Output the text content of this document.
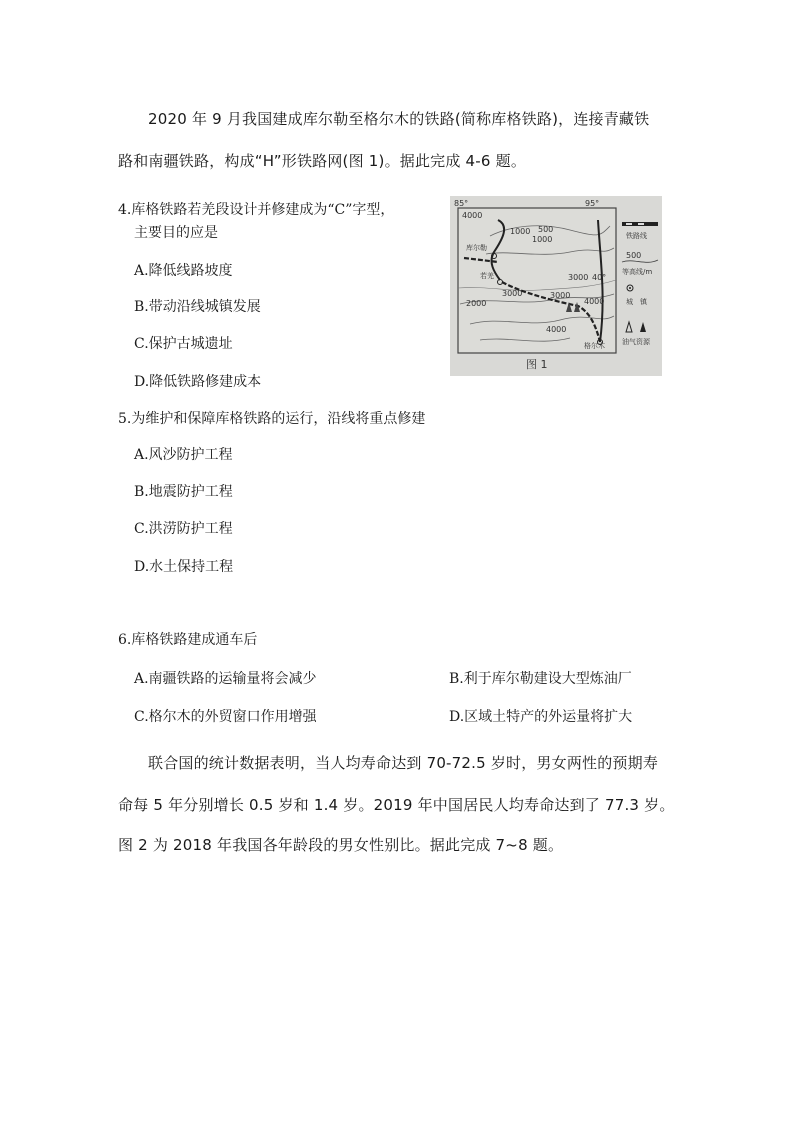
2020 年 9 月我国建成库尔勒至格尔木的铁路(简称库格铁路)，连接青藏铁

路和南疆铁路，构成“H”形铁路网(图 1)。据此完成 4-6 题。

4.库格铁路若羌段设计并修建成为“C”字型，

主要目的应是

A.降低线路坡度

B.带动沿线城镇发展

C.保护古城遗址

D.降低铁路修建成本

85°	95°
40°
4000
3000
1000 500
1000
2000
3000	3000
4000
4000
库尔勒
若羌
格尔木
铁路线
500
等高线/m
城　镇
油气资源
图 1

5.为维护和保障库格铁路的运行，沿线将重点修建

A.风沙防护工程

B.地震防护工程

C.洪涝防护工程

D.水土保持工程

6.库格铁路建成通车后

A.南疆铁路的运输量将会减少	B.利于库尔勒建设大型炼油厂

C.格尔木的外贸窗口作用增强	D.区域土特产的外运量将扩大

联合国的统计数据表明，当人均寿命达到 70-72.5 岁时，男女两性的预期寿

命每 5 年分别增长 0.5 岁和 1.4 岁。2019 年中国居民人均寿命达到了 77.3 岁。

图 2 为 2018 年我国各年龄段的男女性别比。据此完成 7~8 题。
